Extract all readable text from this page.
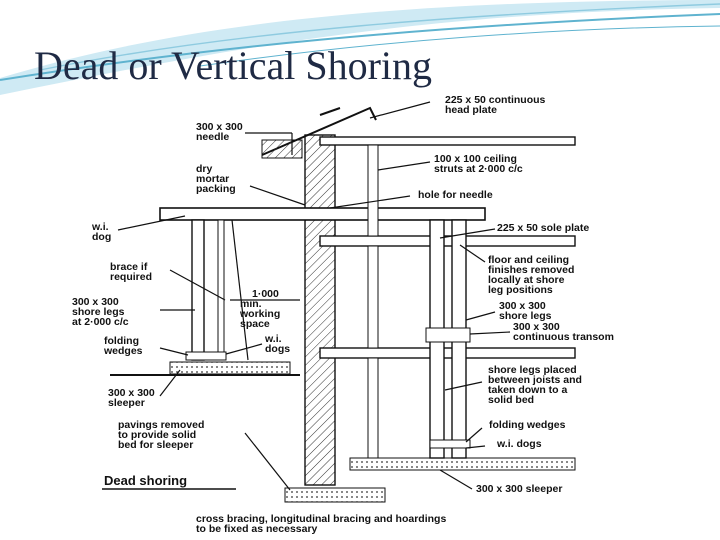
Dead or Vertical Shoring
225 x 50 continuous
head plate
300 x 300
needle
100 x 100 ceiling
struts at 2·000 c/c
dry
mortar
packing	hole for needle
225 x 50 sole plate
w.i.
dog
brace if
required
floor and ceiling
finishes removed
locally at shore
leg positions
1·000
min.
working
space
300 x 300
shore legs
at 2·000 c/c
300 x 300
shore legs
300 x 300
continuous transom
folding
wedges
w.i.
dogs
shore legs placed
between joists and
taken down to a
solid bed
300 x 300
sleeper
pavings removed
to provide solid
bed for sleeper
folding wedges
w.i. dogs
Dead shoring
300 x 300 sleeper
cross bracing, longitudinal bracing and hoardings
to be fixed as necessary
